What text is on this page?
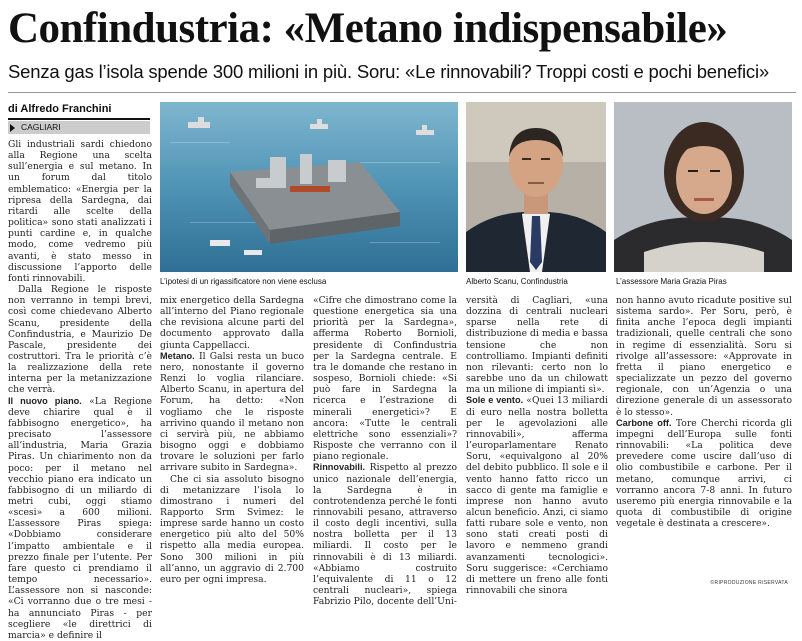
Confindustria: «Metano indispensabile»
Senza gas l’isola spende 300 milioni in più. Soru: «Le rinnovabili? Troppi costi e pochi benefici»
di Alfredo Franchini
CAGLIARI
L’ipotesi di un rigassificatore non viene esclusa	Alberto Scanu, Confindustria	L’assessore Maria Grazia Piras

Gli industriali sardi chiedono alla Regione una scelta sull’energia e sul metano. In un forum dal titolo emblematico: «Energia per la ripresa della Sardegna, dai ritardi alle scelte della politica» sono stati analizzati i punti cardine e, in qualche modo, come vedremo più avanti, è stato messo in discussione l’apporto delle fonti rinnovabili.

Dalla Regione le risposte non verranno in tempi brevi, così come chiedevano Alberto Scanu, presidente della Confindustria, e Maurizio De Pascale, presidente dei costruttori. Tra le priorità c’è la realizzazione della rete interna per la metanizzazione che verrà.

Il nuovo piano. «La Regione deve chiarire qual è il fabbisogno energetico», ha precisato l’assessore all’industria, Maria Grazia Piras. Un chiarimento non da poco: per il metano nel vecchio piano era indicato un fabbisogno di un miliardo di metri cubi, oggi stiamo «scesi» a 600 milioni. L’assessore Piras spiega: «Dobbiamo considerare l’impatto ambientale e il prezzo finale per l’utente. Per fare questo ci prendiamo il tempo necessario». L’assessore non si nasconde: «Ci vorranno due o tre mesi - ha annunciato Piras - per scegliere «le direttrici di marcia» e definire il

mix energetico della Sardegna all’interno del Piano regionale che revisiona alcune parti del documento approvato dalla giunta Cappellacci.

Metano. Il Galsi resta un buco nero, nonostante il governo Renzi lo voglia rilanciare. Alberto Scanu, in apertura del Forum, ha detto: «Non vogliamo che le risposte arrivino quando il metano non ci servirà più, ne abbiamo bisogno oggi e dobbiamo trovare le soluzioni per farlo arrivare subito in Sardegna».

Che ci sia assoluto bisogno di metanizzare l’isola lo dimostrano i numeri del Rapporto Srm Svimez: le imprese sarde hanno un costo energetico più alto del 50% rispetto alla media europea. Sono 300 milioni in più all’anno, un aggravio di 2.700 euro per ogni impresa.

«Cifre che dimostrano come la questione energetica sia una priorità per la Sardegna», afferma Roberto Bornioli, presidente di Confindustria per la Sardegna centrale. E tra le domande che restano in sospeso, Bornioli chiede: «Si può fare in Sardegna la ricerca e l’estrazione di minerali energetici»? E ancora: «Tutte le centrali elettriche sono essenziali»? Risposte che verranno con il piano regionale.

Rinnovabili. Rispetto al prezzo unico nazionale dell’energia, la Sardegna è in controtendenza perché le fonti rinnovabili pesano, attraverso il costo degli incentivi, sulla nostra bolletta per il 13 miliardi. Il costo per le rinnovabili è di 13 miliardi. «Abbiamo costruito l’equivalente di 11 o 12 centrali nucleari», spiega Fabrizio Pilo, docente dell’Uni-

versità di Cagliari, «una dozzina di centrali nucleari sparse nella rete di distribuzione di media e bassa tensione che non controlliamo. Impianti definiti non rilevanti: certo non lo sarebbe uno da un chilowatt ma un milione di impianti sì».

Sole e vento. «Quei 13 miliardi di euro nella nostra bolletta per le agevolazioni alle rinnovabili», afferma l’europarlamentare Renato Soru, «equivalgono al 20% del debito pubblico. Il sole e il vento hanno fatto ricco un sacco di gente ma famiglie e imprese non hanno avuto alcun beneficio. Anzi, ci siamo fatti rubare sole e vento, non sono stati creati posti di lavoro e nemmeno grandi avanzamenti tecnologici». Soru suggerisce: «Cerchiamo di mettere un freno alle fonti rinnovabili che sinora

non hanno avuto ricadute positive sul sistema sardo». Per Soru, però, è finita anche l’epoca degli impianti tradizionali, quelle centrali che sono in regime di essenzialità. Soru si rivolge all’assessore: «Approvate in fretta il piano energetico e specializzate un pezzo del governo regionale, con un’Agenzia o una direzione generale di un assessorato è lo stesso».

Carbone off. Tore Cherchi ricorda gli impegni dell’Europa sulle fonti rinnovabili: «La politica deve prevedere come uscire dall’uso di olio combustibile e carbone. Per il metano, comunque arrivi, ci vorranno ancora 7-8 anni. In futuro useremo più energia rinnovabile e la quota di combustibile di origine vegetale è destinata a crescere».

©RIPRODUZIONE RISERVATA
